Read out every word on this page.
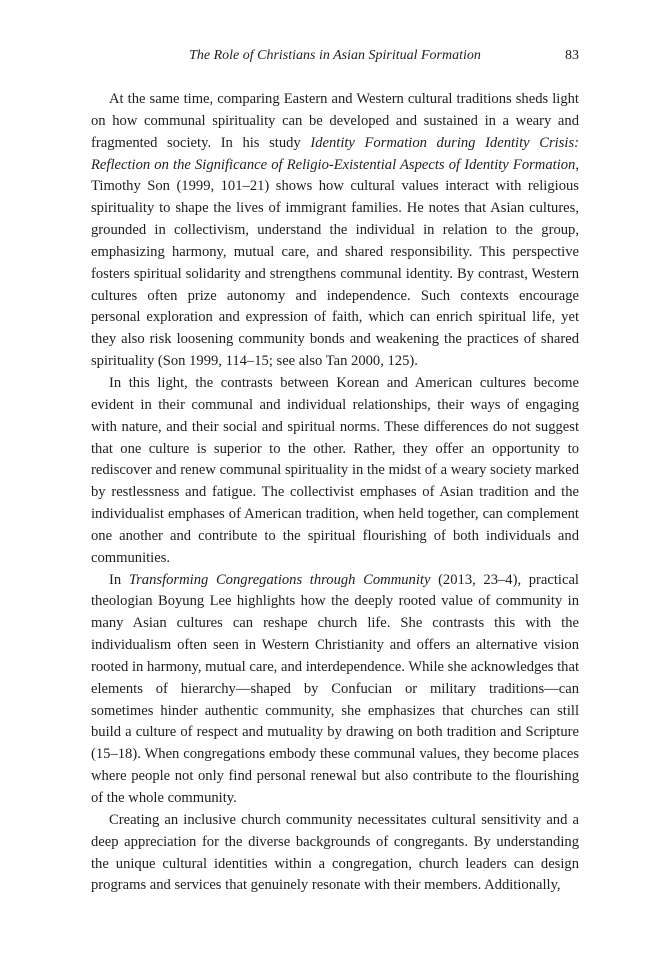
The Role of Christians in Asian Spiritual Formation	83

At the same time, comparing Eastern and Western cultural traditions sheds light on how communal spirituality can be developed and sustained in a weary and fragmented society. In his study Identity Formation during Identity Crisis: Reflection on the Significance of Religio-Existential Aspects of Identity Formation, Timothy Son (1999, 101–21) shows how cultural values interact with religious spirituality to shape the lives of immigrant families. He notes that Asian cultures, grounded in collectivism, understand the individual in relation to the group, emphasizing harmony, mutual care, and shared responsibility. This perspective fosters spiritual solidarity and strengthens communal identity. By contrast, Western cultures often prize autonomy and independence. Such contexts encourage personal exploration and expression of faith, which can enrich spiritual life, yet they also risk loosening community bonds and weakening the practices of shared spirituality (Son 1999, 114–15; see also Tan 2000, 125).

In this light, the contrasts between Korean and American cultures become evident in their communal and individual relationships, their ways of engaging with nature, and their social and spiritual norms. These differences do not suggest that one culture is superior to the other. Rather, they offer an opportunity to rediscover and renew communal spirituality in the midst of a weary society marked by restlessness and fatigue. The collectivist emphases of Asian tradition and the individualist emphases of American tradition, when held together, can complement one another and contribute to the spiritual flourishing of both individuals and communities.

In Transforming Congregations through Community (2013, 23–4), practical theologian Boyung Lee highlights how the deeply rooted value of community in many Asian cultures can reshape church life. She contrasts this with the individualism often seen in Western Christianity and offers an alternative vision rooted in harmony, mutual care, and interdependence. While she acknowledges that elements of hierarchy—shaped by Confucian or military traditions—can sometimes hinder authentic community, she emphasizes that churches can still build a culture of respect and mutuality by drawing on both tradition and Scripture (15–18). When congregations embody these communal values, they become places where people not only find personal renewal but also contribute to the flourishing of the whole community.

Creating an inclusive church community necessitates cultural sensitivity and a deep appreciation for the diverse backgrounds of congregants. By understanding the unique cultural identities within a congregation, church leaders can design programs and services that genuinely resonate with their members. Additionally,
